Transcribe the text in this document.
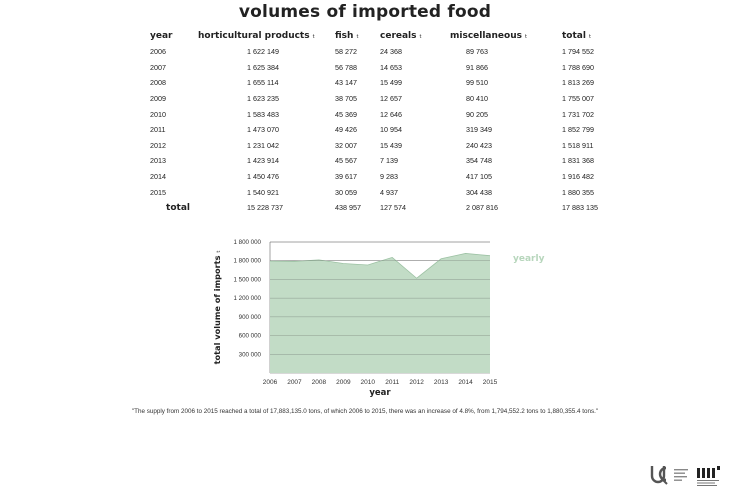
volumes of imported food
year	horticultural products t	fish t	cereals t	miscellaneous t	total t
2006	1 622 149	58 272	24 368	89 763	1 794 552
2007	1 625 384	56 788	14 653	91 866	1 788 690
2008	1 655 114	43 147	15 499	99 510	1 813 269
2009	1 623 235	38 705	12 657	80 410	1 755 007
2010	1 583 483	45 369	12 646	90 205	1 731 702
2011	1 473 070	49 426	10 954	319 349	1 852 799
2012	1 231 042	32 007	15 439	240 423	1 518 911
2013	1 423 914	45 567	7 139	354 748	1 831 368
2014	1 450 476	39 617	9 283	417 105	1 916 482
2015	1 540 921	30 059	4 937	304 438	1 880 355
total	15 228 737	438 957	127 574	2 087 816	17 883 135
300 000
600 000
900 000
1 200 000
1 500 000
1 800 000
1 800 000
2006 2007 2008 2009 2010 2011 2012 2013 2014 2015
year
total volume of importst
yearly
"The supply from 2006 to 2015 reached a total of 17,883,135.0 tons, of which 2006 to 2015, there was an increase of 4.8%, from 1,794,552.2 tons to 1,880,355.4 tons."
